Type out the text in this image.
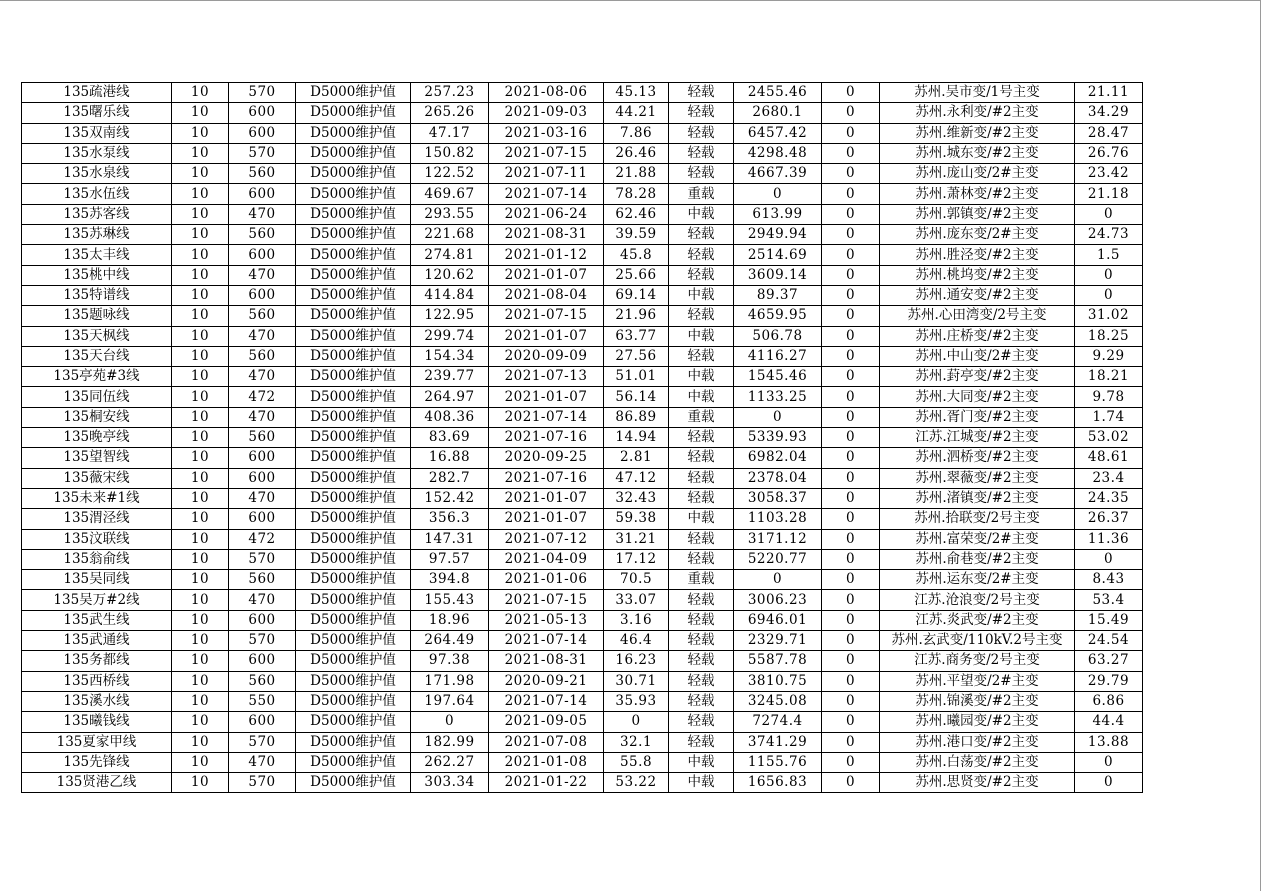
135疏港线	10	570	D5000维护值	257.23	2021-08-06	45.13	轻载	2455.46	0	苏州.吴市变/1号主变	21.11
135曙乐线	10	600	D5000维护值	265.26	2021-09-03	44.21	轻载	2680.1	0	苏州.永利变/#2主变	34.29
135双南线	10	600	D5000维护值	47.17	2021-03-16	7.86	轻载	6457.42	0	苏州.维新变/#2主变	28.47
135水泵线	10	570	D5000维护值	150.82	2021-07-15	26.46	轻载	4298.48	0	苏州.城东变/#2主变	26.76
135水泉线	10	560	D5000维护值	122.52	2021-07-11	21.88	轻载	4667.39	0	苏州.庞山变/2#主变	23.42
135水伍线	10	600	D5000维护值	469.67	2021-07-14	78.28	重载	0	0	苏州.萧林变/#2主变	21.18
135苏客线	10	470	D5000维护值	293.55	2021-06-24	62.46	中载	613.99	0	苏州.郭镇变/#2主变	0
135苏琳线	10	560	D5000维护值	221.68	2021-08-31	39.59	轻载	2949.94	0	苏州.庞东变/2#主变	24.73
135太丰线	10	600	D5000维护值	274.81	2021-01-12	45.8	轻载	2514.69	0	苏州.胜泾变/#2主变	1.5
135桃中线	10	470	D5000维护值	120.62	2021-01-07	25.66	轻载	3609.14	0	苏州.桃坞变/#2主变	0
135特谱线	10	600	D5000维护值	414.84	2021-08-04	69.14	中载	89.37	0	苏州.通安变/#2主变	0
135题咏线	10	560	D5000维护值	122.95	2021-07-15	21.96	轻载	4659.95	0	苏州.心田湾变/2号主变	31.02
135天枫线	10	470	D5000维护值	299.74	2021-01-07	63.77	中载	506.78	0	苏州.庄桥变/#2主变	18.25
135天台线	10	560	D5000维护值	154.34	2020-09-09	27.56	轻载	4116.27	0	苏州.中山变/2#主变	9.29
135亭苑#3线	10	470	D5000维护值	239.77	2021-07-13	51.01	中载	1545.46	0	苏州.葑亭变/#2主变	18.21
135同伍线	10	472	D5000维护值	264.97	2021-01-07	56.14	中载	1133.25	0	苏州.大同变/#2主变	9.78
135桐安线	10	470	D5000维护值	408.36	2021-07-14	86.89	重载	0	0	苏州.胥门变/#2主变	1.74
135晚亭线	10	560	D5000维护值	83.69	2021-07-16	14.94	轻载	5339.93	0	江苏.江城变/#2主变	53.02
135望智线	10	600	D5000维护值	16.88	2020-09-25	2.81	轻载	6982.04	0	苏州.泗桥变/#2主变	48.61
135薇宋线	10	600	D5000维护值	282.7	2021-07-16	47.12	轻载	2378.04	0	苏州.翠薇变/#2主变	23.4
135未来#1线	10	470	D5000维护值	152.42	2021-01-07	32.43	轻载	3058.37	0	苏州.渚镇变/#2主变	24.35
135渭泾线	10	600	D5000维护值	356.3	2021-01-07	59.38	中载	1103.28	0	苏州.拾联变/2号主变	26.37
135汶联线	10	472	D5000维护值	147.31	2021-07-12	31.21	轻载	3171.12	0	苏州.富荣变/2#主变	11.36
135翁俞线	10	570	D5000维护值	97.57	2021-04-09	17.12	轻载	5220.77	0	苏州.俞巷变/#2主变	0
135吴同线	10	560	D5000维护值	394.8	2021-01-06	70.5	重载	0	0	苏州.运东变/2#主变	8.43
135吴万#2线	10	470	D5000维护值	155.43	2021-07-15	33.07	轻载	3006.23	0	江苏.沧浪变/2号主变	53.4
135武生线	10	600	D5000维护值	18.96	2021-05-13	3.16	轻载	6946.01	0	江苏.炎武变/#2主变	15.49
135武通线	10	570	D5000维护值	264.49	2021-07-14	46.4	轻载	2329.71	0	苏州.玄武变/110kV.2号主变	24.54
135务都线	10	600	D5000维护值	97.38	2021-08-31	16.23	轻载	5587.78	0	江苏.商务变/2号主变	63.27
135西桥线	10	560	D5000维护值	171.98	2020-09-21	30.71	轻载	3810.75	0	苏州.平望变/2#主变	29.79
135溪水线	10	550	D5000维护值	197.64	2021-07-14	35.93	轻载	3245.08	0	苏州.锦溪变/#2主变	6.86
135曦钱线	10	600	D5000维护值	0	2021-09-05	0	轻载	7274.4	0	苏州.曦园变/#2主变	44.4
135夏家甲线	10	570	D5000维护值	182.99	2021-07-08	32.1	轻载	3741.29	0	苏州.港口变/#2主变	13.88
135先锋线	10	470	D5000维护值	262.27	2021-01-08	55.8	中载	1155.76	0	苏州.白荡变/#2主变	0
135贤港乙线	10	570	D5000维护值	303.34	2021-01-22	53.22	中载	1656.83	0	苏州.思贤变/#2主变	0
